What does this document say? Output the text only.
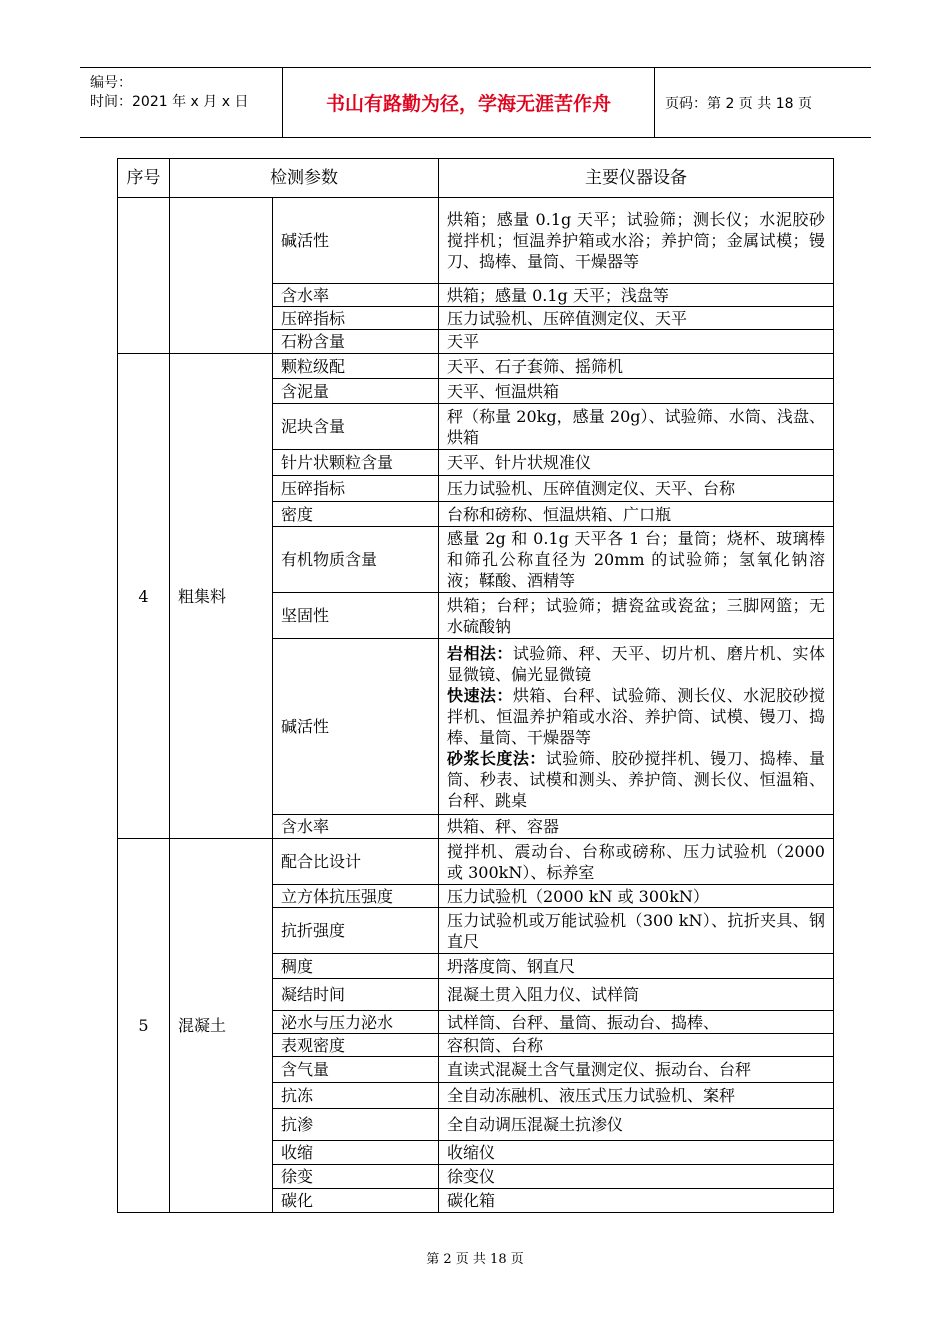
编号：
时间：2021 年 x 月 x 日	书山有路勤为径，学海无涯苦作舟	页码：第 2 页 共 18 页
序号	检测参数		主要仪器设备
		碱活性	烘箱；感量 0.1g 天平；试验筛；测长仪；水泥胶砂搅拌机；恒温养护箱或水浴；养护筒；金属试模；镘刀、捣棒、量筒、干燥器等
		含水率	烘箱；感量 0.1g 天平；浅盘等
		压碎指标	压力试验机、压碎值测定仪、天平
		石粉含量	天平
4	粗集料	颗粒级配	天平、石子套筛、摇筛机
		含泥量	天平、恒温烘箱
		泥块含量	秤（称量 20kg，感量 20g）、试验筛、水筒、浅盘、烘箱
		针片状颗粒含量	天平、针片状规准仪
		压碎指标	压力试验机、压碎值测定仪、天平、台称
		密度	台称和磅称、恒温烘箱、广口瓶
		有机物质含量	感量 2g 和 0.1g 天平各 1 台；量筒；烧杯、玻璃棒和筛孔公称直径为 20mm 的试验筛；氢氧化钠溶液；鞣酸、酒精等
		坚固性	烘箱；台秤；试验筛；搪瓷盆或瓷盆；三脚网篮；无水硫酸钠
		碱活性	岩相法：试验筛、秤、天平、切片机、磨片机、实体显微镜、偏光显微镜
快速法：烘箱、台秤、试验筛、测长仪、水泥胶砂搅拌机、恒温养护箱或水浴、养护筒、试模、镘刀、捣棒、量筒、干燥器等
砂浆长度法：试验筛、胶砂搅拌机、镘刀、捣棒、量筒、秒表、试模和测头、养护筒、测长仪、恒温箱、台秤、跳桌
		含水率	烘箱、秤、容器
5	混凝土	配合比设计	搅拌机、震动台、台称或磅称、压力试验机（2000 或 300kN）、标养室
		立方体抗压强度	压力试验机（2000 kN 或 300kN）
		抗折强度	压力试验机或万能试验机（300 kN）、抗折夹具、钢直尺
		稠度	坍落度筒、钢直尺
		凝结时间	混凝土贯入阻力仪、试样筒
		泌水与压力泌水	试样筒、台秤、量筒、振动台、捣棒、
		表观密度	容积筒、台称
		含气量	直读式混凝土含气量测定仪、振动台、台秤
		抗冻	全自动冻融机、液压式压力试验机、案秤
		抗渗	全自动调压混凝土抗渗仪
		收缩	收缩仪
		徐变	徐变仪
		碳化	碳化箱
第 2 页 共 18 页
